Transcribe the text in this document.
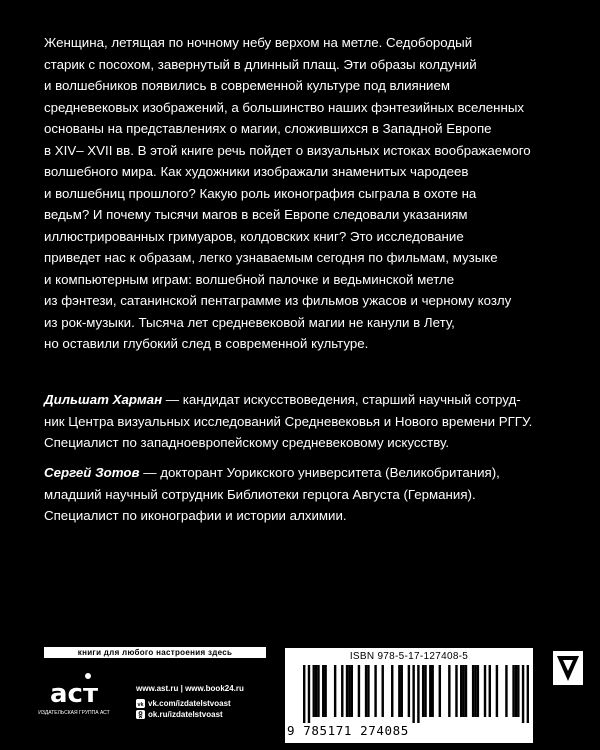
Женщина, летящая по ночному небу верхом на метле. Седобородый
старик с посохом, завернутый в длинный плащ. Эти образы колдуний
и волшебников появились в современной культуре под влиянием
средневековых изображений, а большинство наших фэнтезийных вселенных
основаны на представлениях о магии, сложившихся в Западной Европе
в XIV– XVII вв. В этой книге речь пойдет о визуальных истоках воображаемого
волшебного мира. Как художники изображали знаменитых чародеев
и волшебниц прошлого? Какую роль иконография сыграла в охоте на
ведьм? И почему тысячи магов в всей Европе следовали указаниям
иллюстрированных гримуаров, колдовских книг? Это исследование
приведет нас к образам, легко узнаваемым сегодня по фильмам, музыке
и компьютерным играм: волшебной палочке и ведьминской метле
из фэнтези, сатанинской пентаграмме из фильмов ужасов и черному козлу
из рок-музыки. Тысяча лет средневековой магии не канули в Лету,
но оставили глубокий след в современной культуре.
Дильшат Харман — кандидат искусствоведения, старший научный сотруд-
ник Центра визуальных исследований Средневековья и Нового времени РГГУ.
Специалист по западноевропейскому средневековому искусству.
Сергей Зотов — докторант Уорикского университета (Великобритания),
младший научный сотрудник Библиотеки герцога Августа (Германия).
Специалист по иконографии и истории алхимии.
книги для любого настроения здесь
аст
ИЗДАТЕЛЬСКАЯ ГРУППА АСТ
www.ast.ru | www.book24.ru
vk vk.com/izdatelstvoast
ok.ru/izdatelstvoast
ISBN 978-5-17-127408-5
9 785171 274085
